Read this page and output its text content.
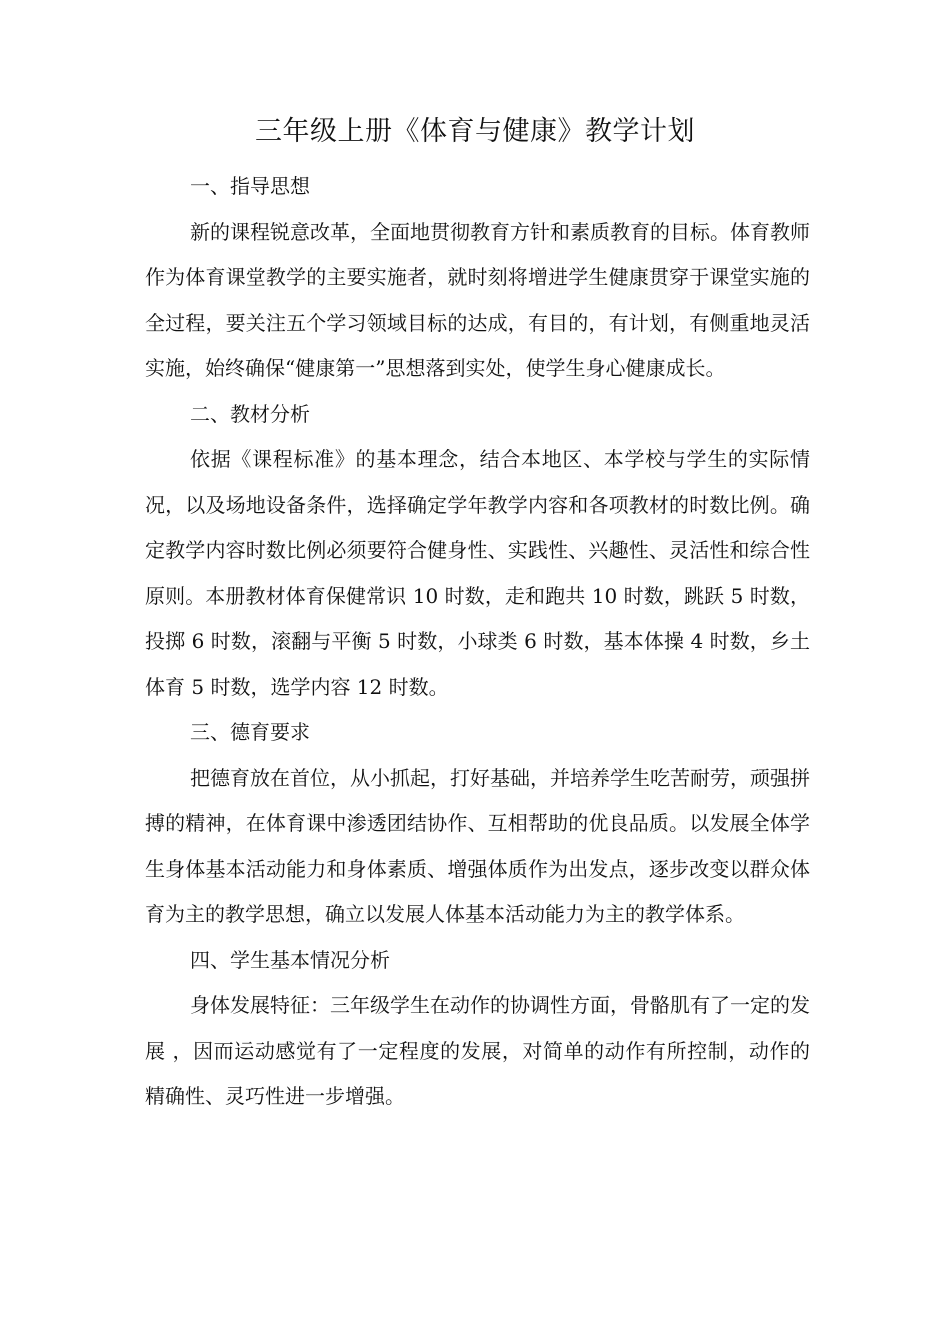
三年级上册《体育与健康》教学计划
一、指导思想

新的课程锐意改革，全面地贯彻教育方针和素质教育的目标。体育教师作为体育课堂教学的主要实施者，就时刻将增进学生健康贯穿于课堂实施的全过程，要关注五个学习领域目标的达成，有目的，有计划，有侧重地灵活实施，始终确保“健康第一”思想落到实处，使学生身心健康成长。

二、教材分析

依据《课程标准》的基本理念，结合本地区、本学校与学生的实际情况，以及场地设备条件，选择确定学年教学内容和各项教材的时数比例。确定教学内容时数比例必须要符合健身性、实践性、兴趣性、灵活性和综合性原则。本册教材体育保健常识 10 时数，走和跑共 10 时数，跳跃 5 时数，投掷 6 时数，滚翻与平衡 5 时数，小球类 6 时数，基本体操 4 时数，乡土体育 5 时数，选学内容 12 时数。

三、德育要求

把德育放在首位，从小抓起，打好基础，并培养学生吃苦耐劳，顽强拼搏的精神，在体育课中渗透团结协作、互相帮助的优良品质。以发展全体学生身体基本活动能力和身体素质、增强体质作为出发点，逐步改变以群众体育为主的教学思想，确立以发展人体基本活动能力为主的教学体系。

四、学生基本情况分析

身体发展特征：三年级学生在动作的协调性方面，骨骼肌有了一定的发展 ，因而运动感觉有了一定程度的发展，对简单的动作有所控制，动作的精确性、灵巧性进一步增强。
